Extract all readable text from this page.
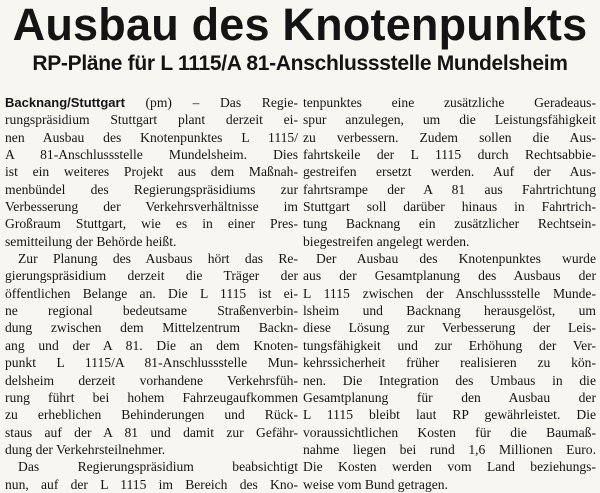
Ausbau des Knotenpunkts
RP-Pläne für L 1115/A 81-Anschlussstelle Mundelsheim
Backnang/Stuttgart (pm) – Das Regie-
rungspräsidium Stuttgart plant derzeit ei-
nen Ausbau des Knotenpunktes L 1115/
A 81-Anschlussstelle Mundelsheim. Dies
ist ein weiteres Projekt aus dem Maßnah-
menbündel des Regierungspräsidiums zur
Verbesserung der Verkehrsverhältnisse im
Großraum Stuttgart, wie es in einer Pres-
semitteilung der Behörde heißt.
Zur Planung des Ausbaus hört das Re-
gierungspräsidium derzeit die Träger der
öffentlichen Belange an. Die L 1115 ist ei-
ne regional bedeutsame Straßenverbin-
dung zwischen dem Mittelzentrum Backn-
ang und der A 81. Die an dem Knoten-
punkt L 1115/A 81-Anschlussstelle Mun-
delsheim derzeit vorhandene Verkehrsfüh-
rung führt bei hohem Fahrzeugaufkommen
zu erheblichen Behinderungen und Rück-
staus auf der A 81 und damit zur Gefähr-
dung der Verkehrsteilnehmer.
Das Regierungspräsidium beabsichtigt
nun, auf der L 1115 im Bereich des Kno-
tenpunktes eine zusätzliche Geradeaus-
spur anzulegen, um die Leistungsfähigkeit
zu verbessern. Zudem sollen die Aus-
fahrtskeile der L 1115 durch Rechtsabbie-
gestreifen ersetzt werden. Auf der Aus-
fahrtsrampe der A 81 aus Fahrtrichtung
Stuttgart soll darüber hinaus in Fahrtrich-
tung Backnang ein zusätzlicher Rechtsein-
biegestreifen angelegt werden.
Der Ausbau des Knotenpunktes wurde
aus der Gesamtplanung des Ausbaus der
L 1115 zwischen der Anschlussstelle Munde-
lsheim und Backnang herausgelöst, um
diese Lösung zur Verbesserung der Leis-
tungsfähigkeit und zur Erhöhung der Ver-
kehrssicherheit früher realisieren zu kön-
nen. Die Integration des Umbaus in die
Gesamtplanung für den Ausbau der
L 1115 bleibt laut RP gewährleistet. Die
voraussichtlichen Kosten für die Baumaß-
nahme liegen bei rund 1,6 Millionen Euro.
Die Kosten werden vom Land beziehungs-
weise vom Bund getragen.
